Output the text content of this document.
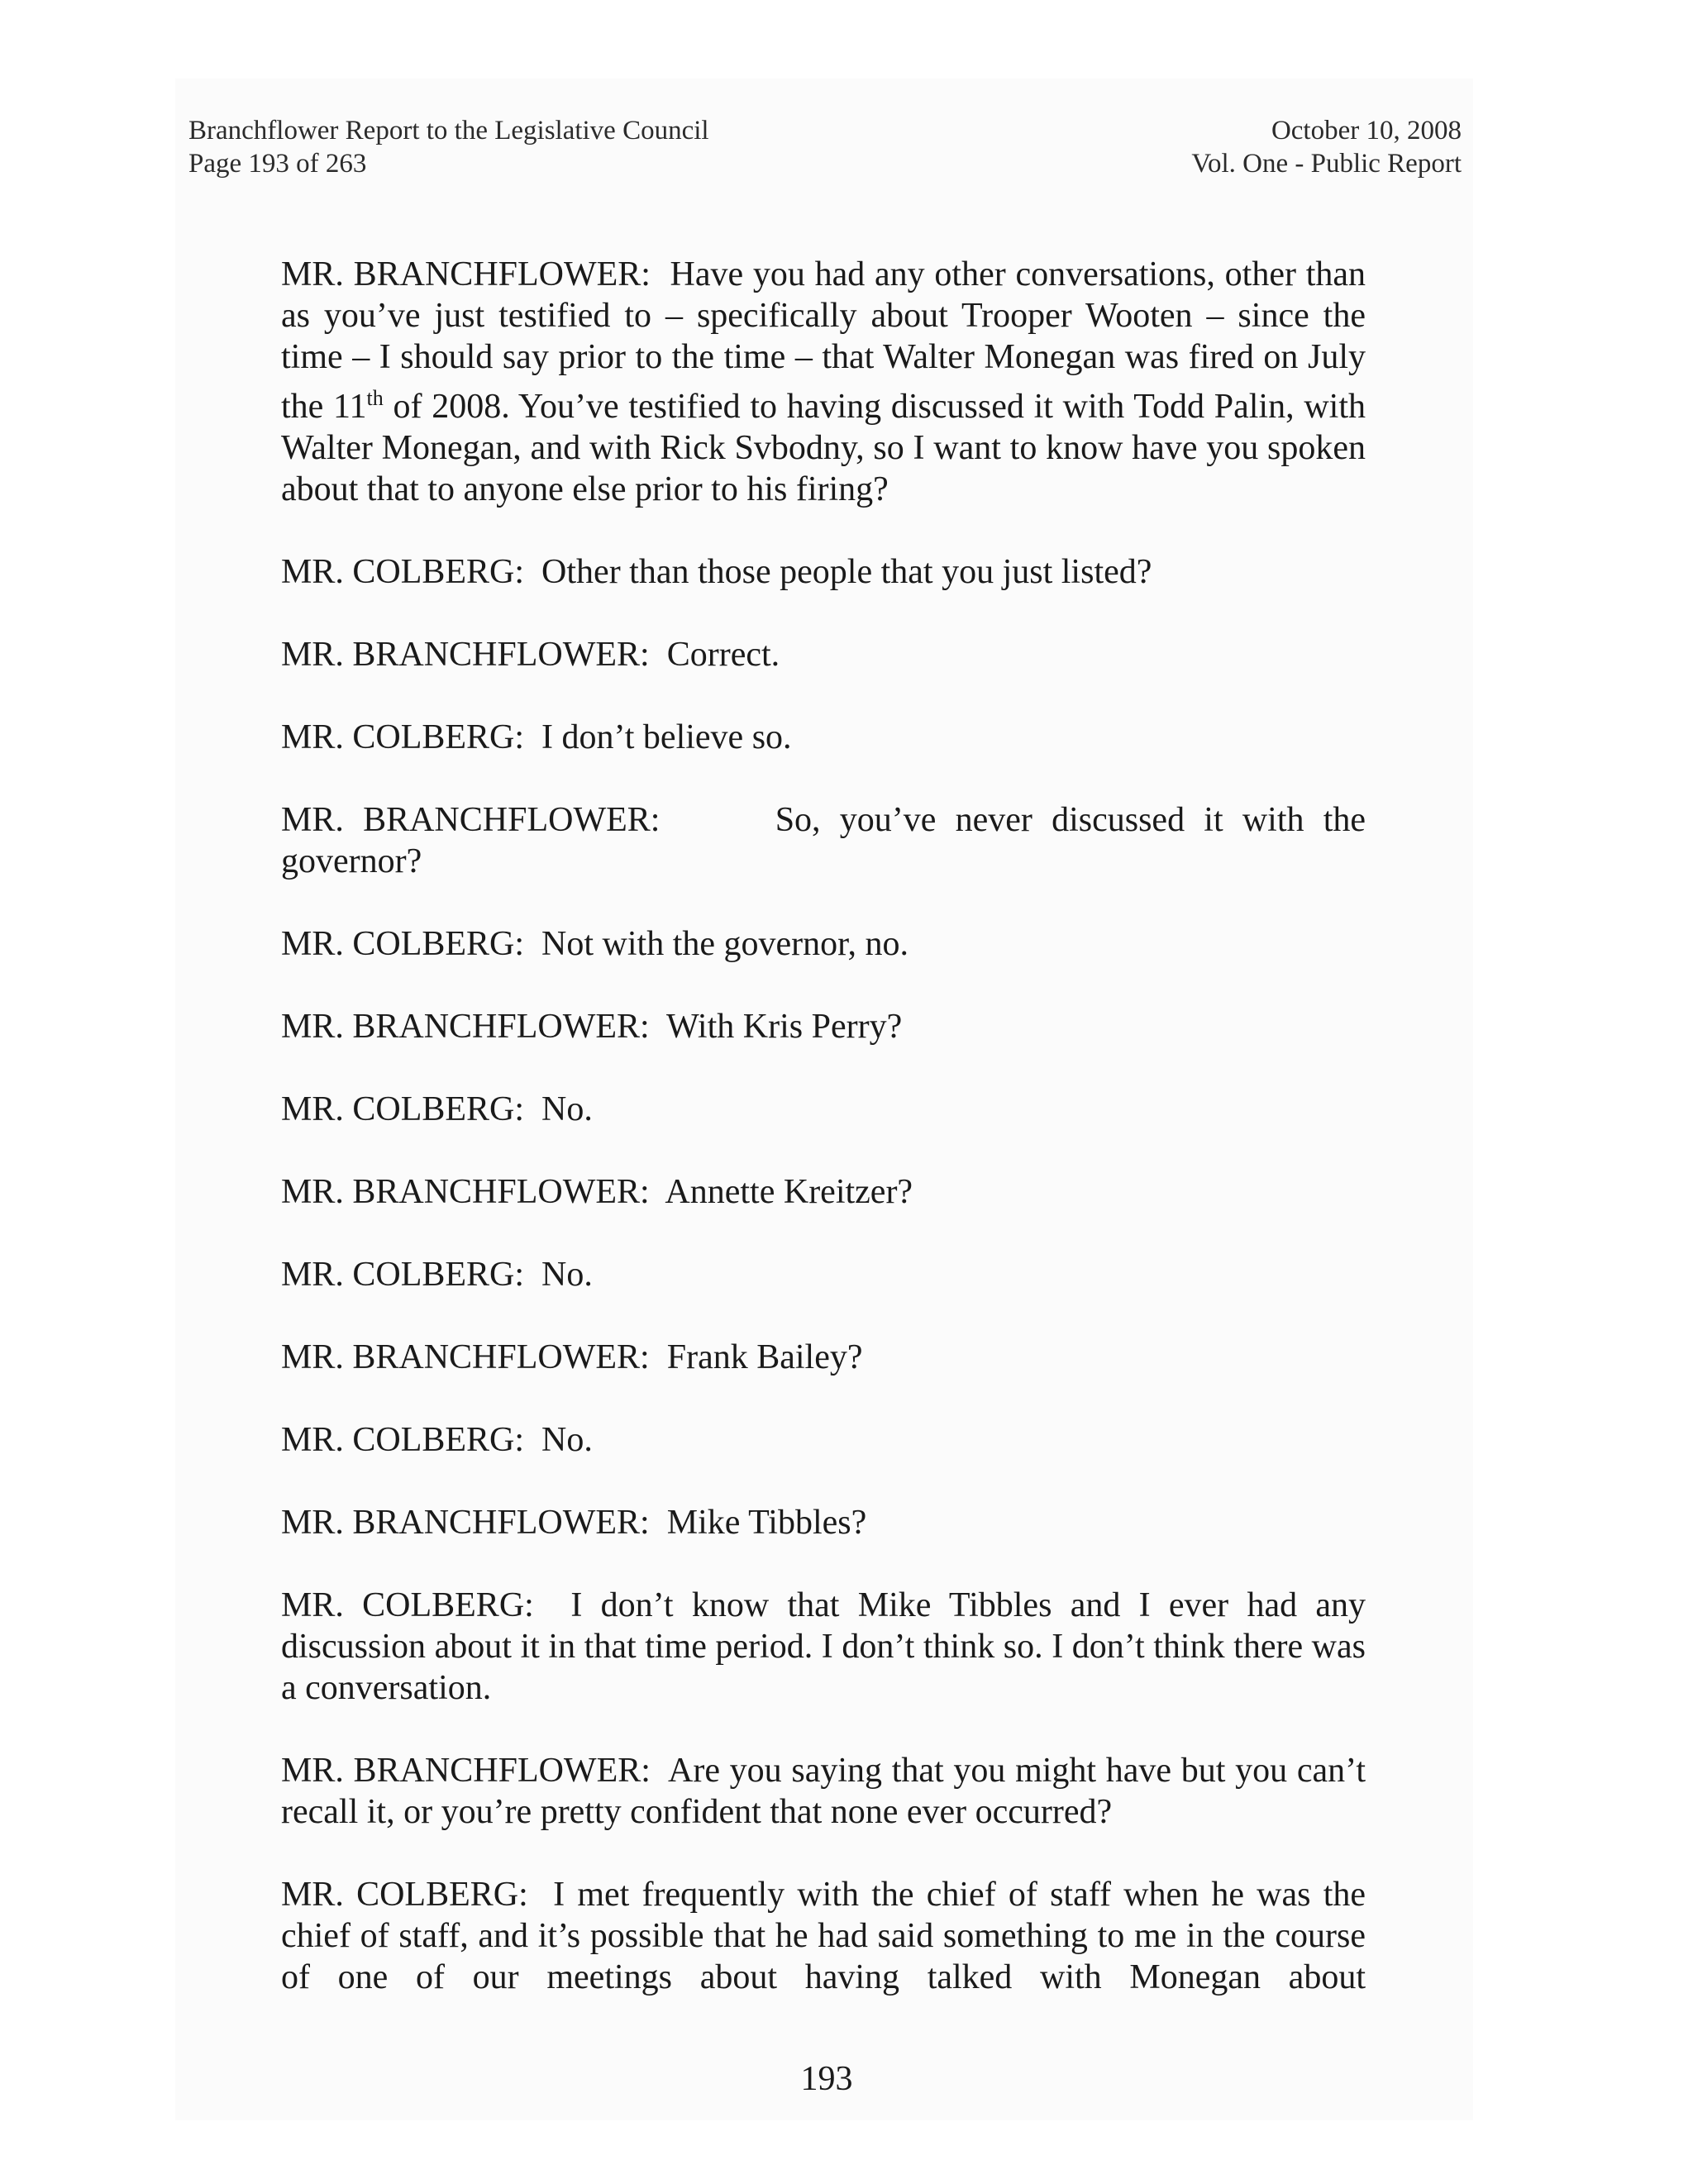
Branchflower Report to the Legislative Council
Page 193 of 263
October 10, 2008
Vol. One - Public Report

MR. BRANCHFLOWER: Have you had any other conversations, other than as you’ve just testified to – specifically about Trooper Wooten – since the time – I should say prior to the time – that Walter Monegan was fired on July the 11th of 2008. You’ve testified to having discussed it with Todd Palin, with Walter Monegan, and with Rick Svbodny, so I want to know have you spoken about that to anyone else prior to his firing?

MR. COLBERG: Other than those people that you just listed?

MR. BRANCHFLOWER: Correct.

MR. COLBERG: I don’t believe so.

MR. BRANCHFLOWER:	So, you’ve never discussed it with the governor?

MR. COLBERG: Not with the governor, no.

MR. BRANCHFLOWER: With Kris Perry?

MR. COLBERG: No.

MR. BRANCHFLOWER: Annette Kreitzer?

MR. COLBERG: No.

MR. BRANCHFLOWER: Frank Bailey?

MR. COLBERG: No.

MR. BRANCHFLOWER: Mike Tibbles?

MR. COLBERG: I don’t know that Mike Tibbles and I ever had any discussion about it in that time period. I don’t think so. I don’t think there was a conversation.

MR. BRANCHFLOWER: Are you saying that you might have but you can’t recall it, or you’re pretty confident that none ever occurred?

MR. COLBERG: I met frequently with the chief of staff when he was the chief of staff, and it’s possible that he had said something to me in the course of one of our meetings about having talked with Monegan about

193
